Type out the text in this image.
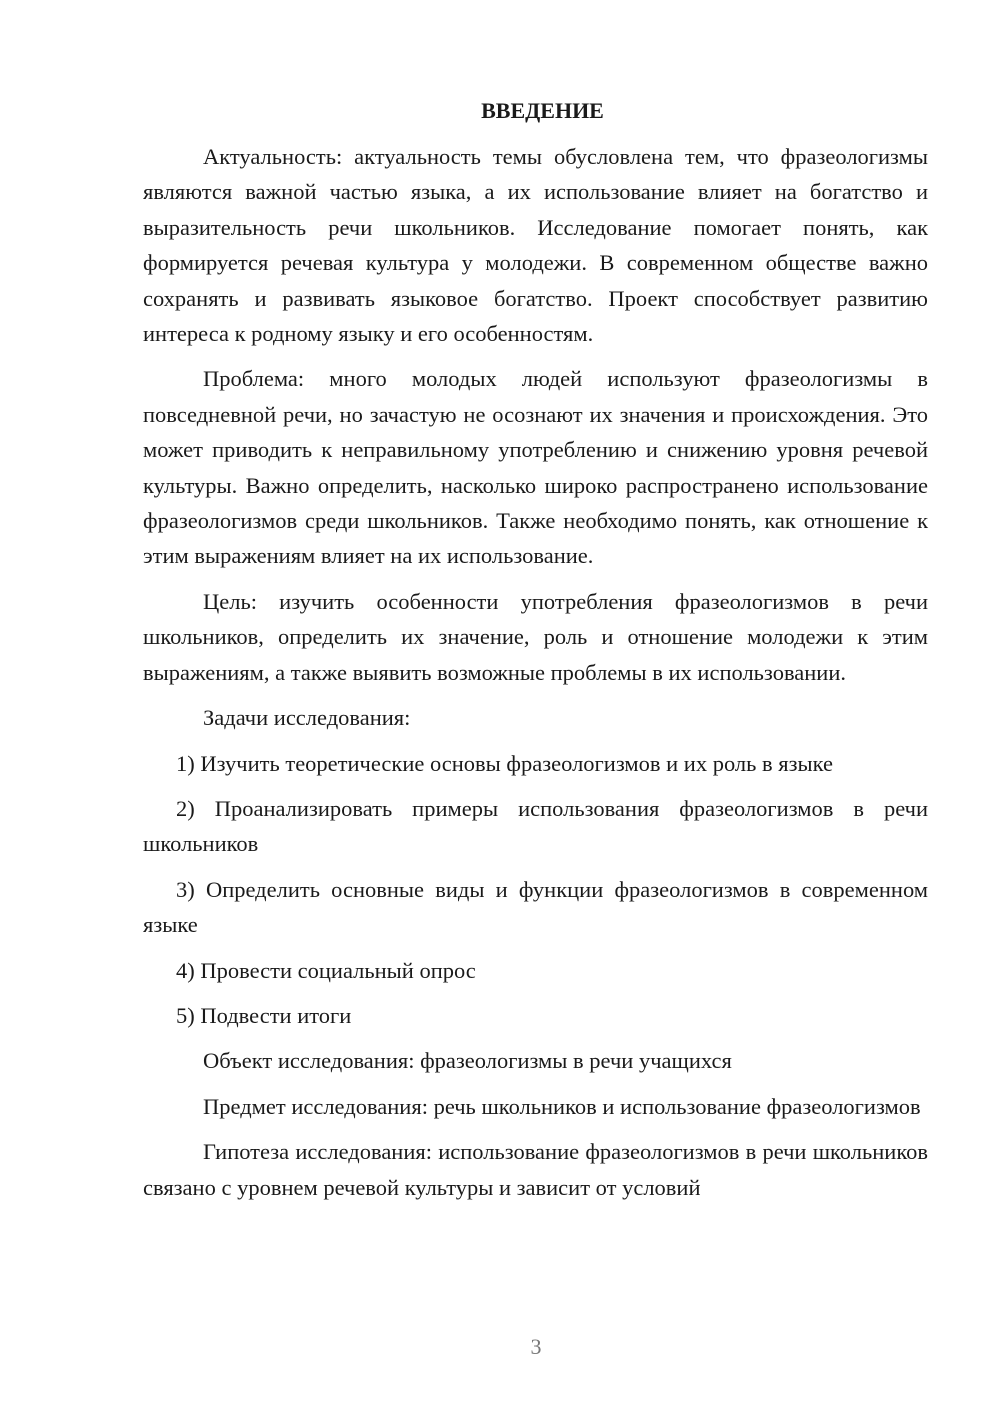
ВВЕДЕНИЕ

Актуальность: актуальность темы обусловлена тем, что фразеологизмы являются важной частью языка, а их использование влияет на богатство и выразительность речи школьников. Исследование помогает понять, как формируется речевая культура у молодежи. В современном обществе важно сохранять и развивать языковое богатство. Проект способствует развитию интереса к родному языку и его особенностям.

Проблема: много молодых людей используют фразеологизмы в повседневной речи, но зачастую не осознают их значения и происхождения. Это может приводить к неправильному употреблению и снижению уровня речевой культуры. Важно определить, насколько широко распространено использование фразеологизмов среди школьников. Также необходимо понять, как отношение к этим выражениям влияет на их использование.

Цель: изучить особенности употребления фразеологизмов в речи школьников, определить их значение, роль и отношение молодежи к этим выражениям, а также выявить возможные проблемы в их использовании.

Задачи исследования:

1) Изучить теоретические основы фразеологизмов и их роль в языке

2) Проанализировать примеры использования фразеологизмов в речи школьников

3) Определить основные виды и функции фразеологизмов в современном языке

4) Провести социальный опрос

5) Подвести итоги

Объект исследования: фразеологизмы в речи учащихся

Предмет исследования: речь школьников и использование фразеологизмов

Гипотеза исследования: использование фразеологизмов в речи школьников связано с уровнем речевой культуры и зависит от условий

3
